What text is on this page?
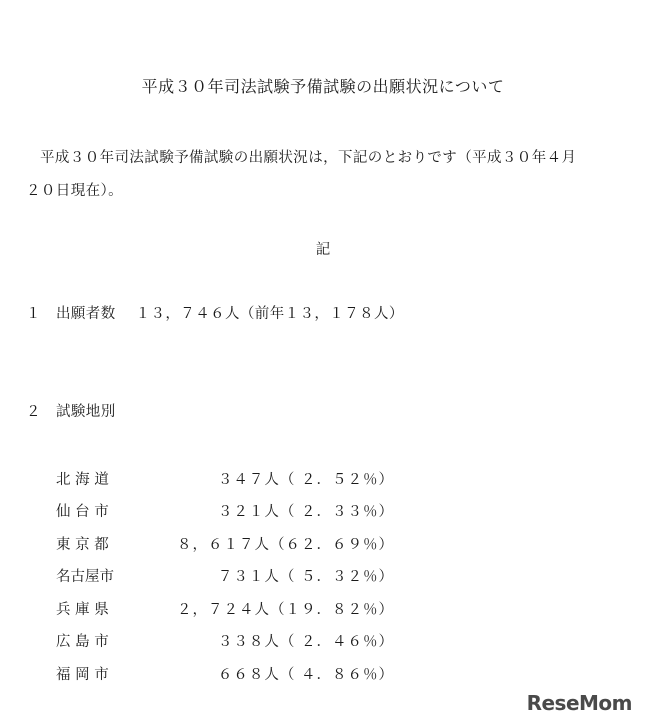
平成３０年司法試験予備試験の出願状況について
平成３０年司法試験予備試験の出願状況は，下記のとおりです（平成３０年４月
２０日現在）。
記
１ 出願者数 １３，７４６人（前年１３，１７８人）
２ 試験地別
北 海 道	３４７人（ ２．５２％）
仙 台 市	３２１人（ ２．３３％）
東 京 都	８，６１７人（６２．６９％）
名古屋市	７３１人（ ５．３２％）
兵 庫 県	２，７２４人（１９．８２％）
広 島 市	３３８人（ ２．４６％）
福 岡 市	６６８人（ ４．８６％）
ReseMom
